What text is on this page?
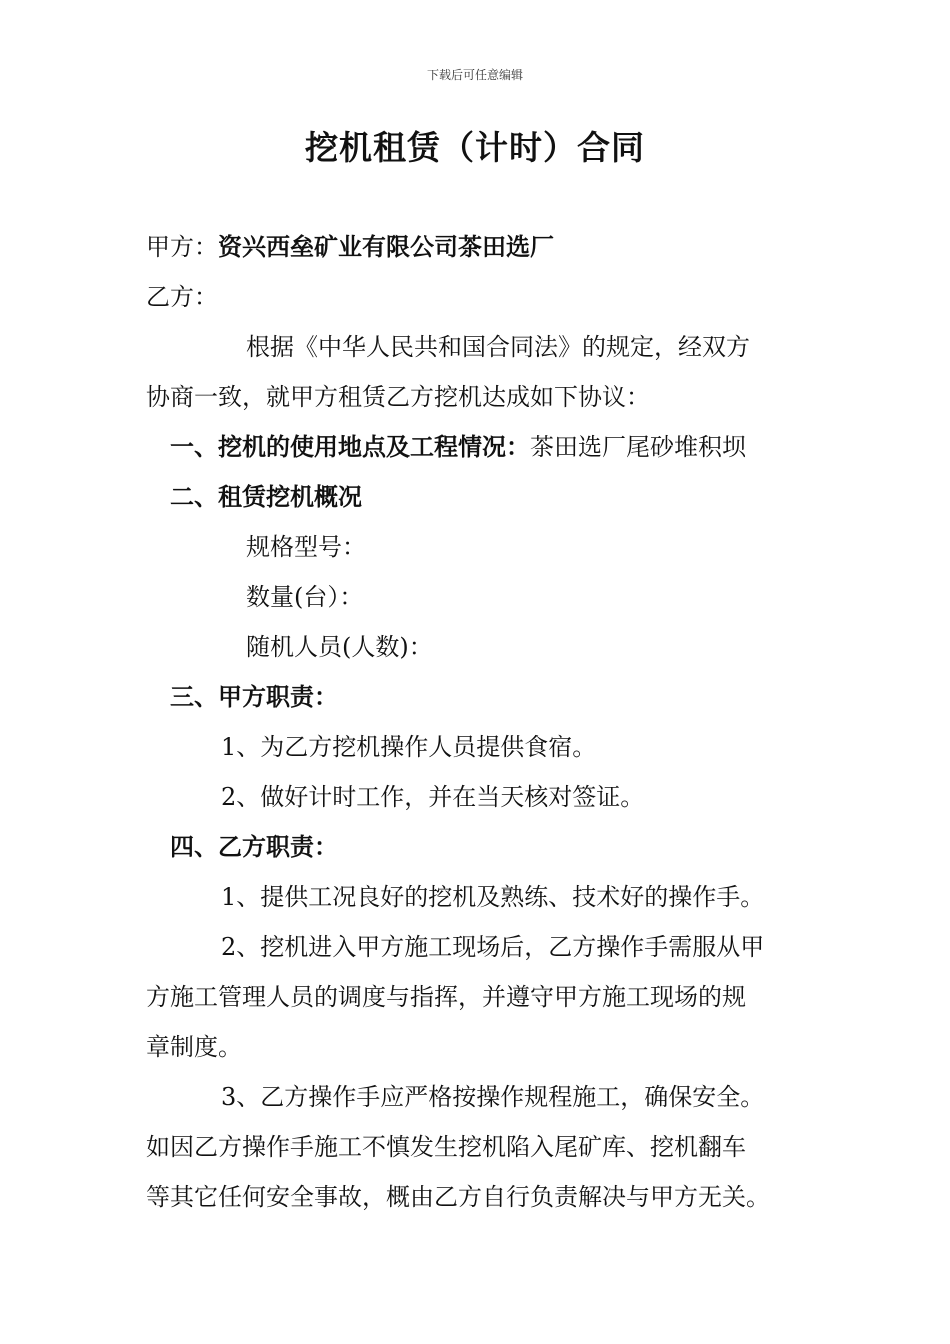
下载后可任意编辑
挖机租赁（计时）合同
甲方：资兴西垒矿业有限公司茶田选厂
乙方：
根据《中华人民共和国合同法》的规定，经双方
协商一致，就甲方租赁乙方挖机达成如下协议：
一、挖机的使用地点及工程情况：茶田选厂尾砂堆积坝
二、租赁挖机概况
规格型号：
数量(台）：
随机人员(人数)：
三、甲方职责：
1、为乙方挖机操作人员提供食宿。
2、做好计时工作，并在当天核对签证。
四、乙方职责：
1、提供工况良好的挖机及熟练、技术好的操作手。
2、挖机进入甲方施工现场后，乙方操作手需服从甲
方施工管理人员的调度与指挥，并遵守甲方施工现场的规
章制度。
3、乙方操作手应严格按操作规程施工，确保安全。
如因乙方操作手施工不慎发生挖机陷入尾矿库、挖机翻车
等其它任何安全事故，概由乙方自行负责解决与甲方无关。
